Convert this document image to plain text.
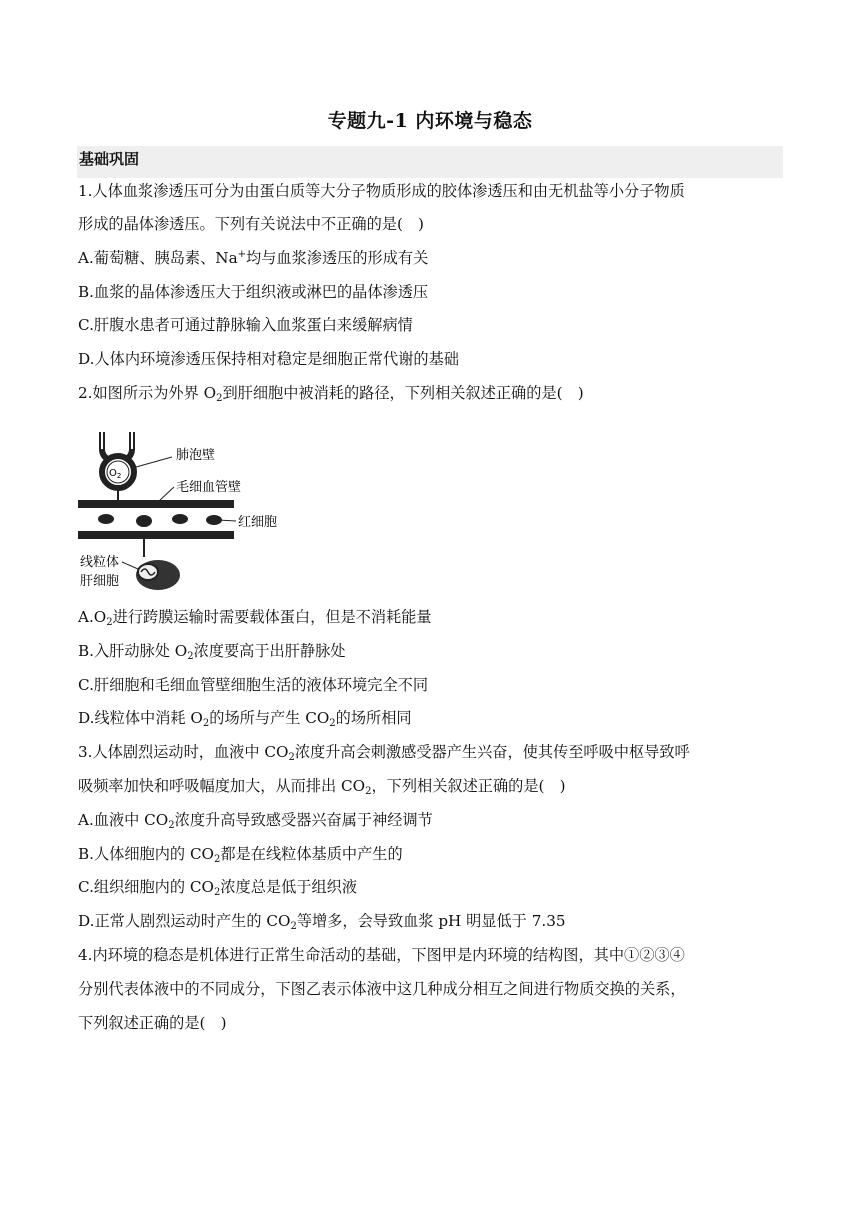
专题九-1 内环境与稳态
基础巩固
1.人体血浆渗透压可分为由蛋白质等大分子物质形成的胶体渗透压和由无机盐等小分子物质
形成的晶体渗透压。下列有关说法中不正确的是(　)
A.葡萄糖、胰岛素、Na+均与血浆渗透压的形成有关
B.血浆的晶体渗透压大于组织液或淋巴的晶体渗透压
C.肝腹水患者可通过静脉输入血浆蛋白来缓解病情
D.人体内环境渗透压保持相对稳定是细胞正常代谢的基础
2.如图所示为外界 $O_2$到肝细胞中被消耗的路径，下列相关叙述正确的是(　)
$O_2$
肺泡壁
毛细血管壁
红细胞
线粒体
肝细胞
$A.O_2$进行跨膜运输时需要载体蛋白，但是不消耗能量
B.入肝动脉处 $O_2$浓度要高于出肝静脉处
C.肝细胞和毛细血管壁细胞生活的液体环境完全不同
D.线粒体中消耗 $O_2$的场所与产生 $CO_2$的场所相同
3.人体剧烈运动时，血液中 $CO_2$浓度升高会刺激感受器产生兴奋，使其传至呼吸中枢导致呼
吸频率加快和呼吸幅度加大，从而排出 $CO_2$，下列相关叙述正确的是(　)
A.血液中 $CO_2$浓度升高导致感受器兴奋属于神经调节
B.人体细胞内的 $CO_2$都是在线粒体基质中产生的
C.组织细胞内的 $CO_2$浓度总是低于组织液
D.正常人剧烈运动时产生的 $CO_2$等增多，会导致血浆 pH 明显低于 7.35
4.内环境的稳态是机体进行正常生命活动的基础，下图甲是内环境的结构图，其中①②③④
分别代表体液中的不同成分，下图乙表示体液中这几种成分相互之间进行物质交换的关系，
下列叙述正确的是(　)
